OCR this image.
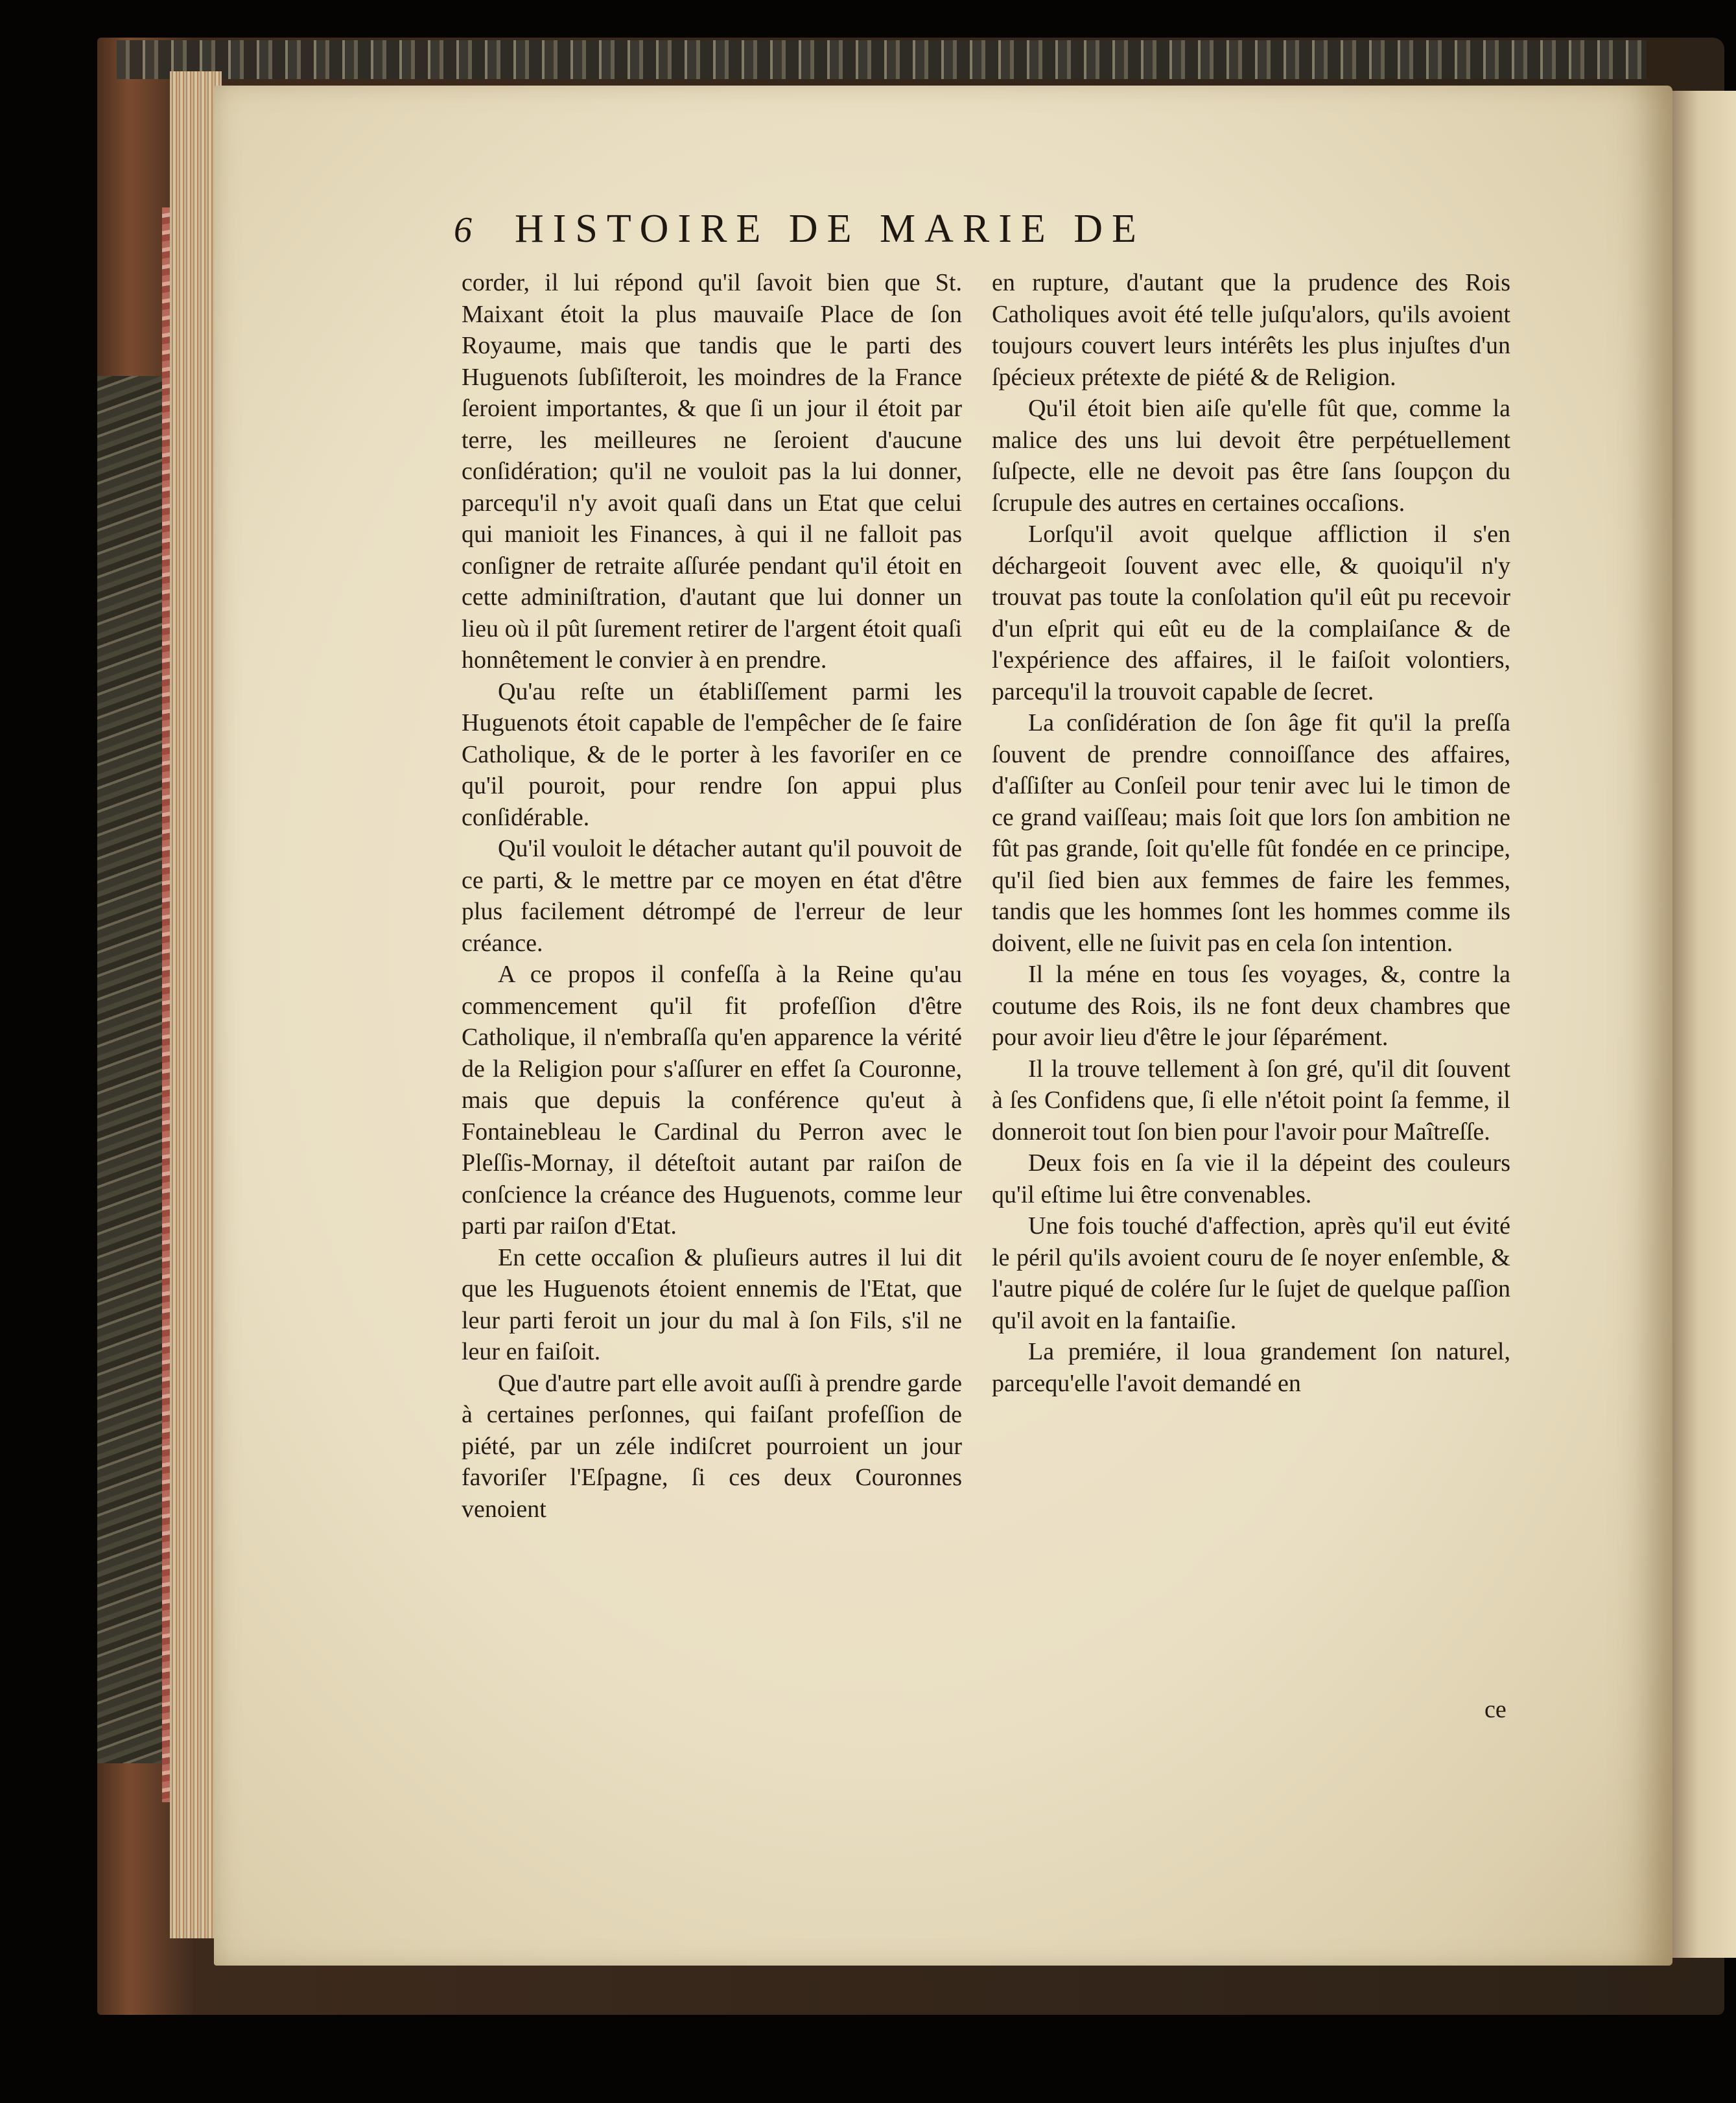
6 HISTOIRE DE MARIE DE

corder, il lui répond qu'il ſavoit bien que St. Maixant étoit la plus mauvaiſe Place de ſon Royaume, mais que tandis que le parti des Huguenots ſubſiſteroit, les moindres de la France ſeroient importantes, & que ſi un jour il étoit par terre, les meilleures ne ſeroient d'aucune conſidération; qu'il ne vouloit pas la lui donner, parcequ'il n'y avoit quaſi dans un Etat que celui qui manioit les Finances, à qui il ne falloit pas conſigner de retraite aſſurée pendant qu'il étoit en cette adminiſtration, d'autant que lui donner un lieu où il pût ſurement retirer de l'argent étoit quaſi honnêtement le convier à en prendre.

Qu'au reſte un établiſſement parmi les Huguenots étoit capable de l'empêcher de ſe faire Catholique, & de le porter à les favoriſer en ce qu'il pouroit, pour rendre ſon appui plus conſidérable.

Qu'il vouloit le détacher autant qu'il pouvoit de ce parti, & le mettre par ce moyen en état d'être plus facilement détrompé de l'erreur de leur créance.

A ce propos il confeſſa à la Reine qu'au commencement qu'il fit profeſſion d'être Catholique, il n'embraſſa qu'en apparence la vérité de la Religion pour s'aſſurer en effet ſa Couronne, mais que depuis la conférence qu'eut à Fontainebleau le Cardinal du Perron avec le Pleſſis-Mornay, il déteſtoit autant par raiſon de conſcience la créance des Huguenots, comme leur parti par raiſon d'Etat.

En cette occaſion & pluſieurs autres il lui dit que les Huguenots étoient ennemis de l'Etat, que leur parti feroit un jour du mal à ſon Fils, s'il ne leur en faiſoit.

Que d'autre part elle avoit auſſi à prendre garde à certaines perſonnes, qui faiſant profeſſion de piété, par un zéle indiſcret pourroient un jour favoriſer l'Eſpagne, ſi ces deux Couronnes venoient

en rupture, d'autant que la prudence des Rois Catholiques avoit été telle juſqu'alors, qu'ils avoient toujours couvert leurs intérêts les plus injuſtes d'un ſpécieux prétexte de piété & de Religion.

Qu'il étoit bien aiſe qu'elle fût que, comme la malice des uns lui devoit être perpétuellement ſuſpecte, elle ne devoit pas être ſans ſoupçon du ſcrupule des autres en certaines occaſions.

Lorſqu'il avoit quelque affliction il s'en déchargeoit ſouvent avec elle, & quoiqu'il n'y trouvat pas toute la conſolation qu'il eût pu recevoir d'un eſprit qui eût eu de la complaiſance & de l'expérience des affaires, il le faiſoit volontiers, parcequ'il la trouvoit capable de ſecret.

La conſidération de ſon âge fit qu'il la preſſa ſouvent de prendre connoiſſance des affaires, d'aſſiſter au Conſeil pour tenir avec lui le timon de ce grand vaiſſeau; mais ſoit que lors ſon ambition ne fût pas grande, ſoit qu'elle fût fondée en ce principe, qu'il ſied bien aux femmes de faire les femmes, tandis que les hommes ſont les hommes comme ils doivent, elle ne ſuivit pas en cela ſon intention.

Il la méne en tous ſes voyages, &, contre la coutume des Rois, ils ne font deux chambres que pour avoir lieu d'être le jour ſéparément.

Il la trouve tellement à ſon gré, qu'il dit ſouvent à ſes Confidens que, ſi elle n'étoit point ſa femme, il donneroit tout ſon bien pour l'avoir pour Maîtreſſe.

Deux fois en ſa vie il la dépeint des couleurs qu'il eſtime lui être convenables.

Une fois touché d'affection, après qu'il eut évité le péril qu'ils avoient couru de ſe noyer enſemble, & l'autre piqué de colére ſur le ſujet de quelque paſſion qu'il avoit en la fantaiſie.

La premiére, il loua grandement ſon naturel, parcequ'elle l'avoit demandé en

ce
